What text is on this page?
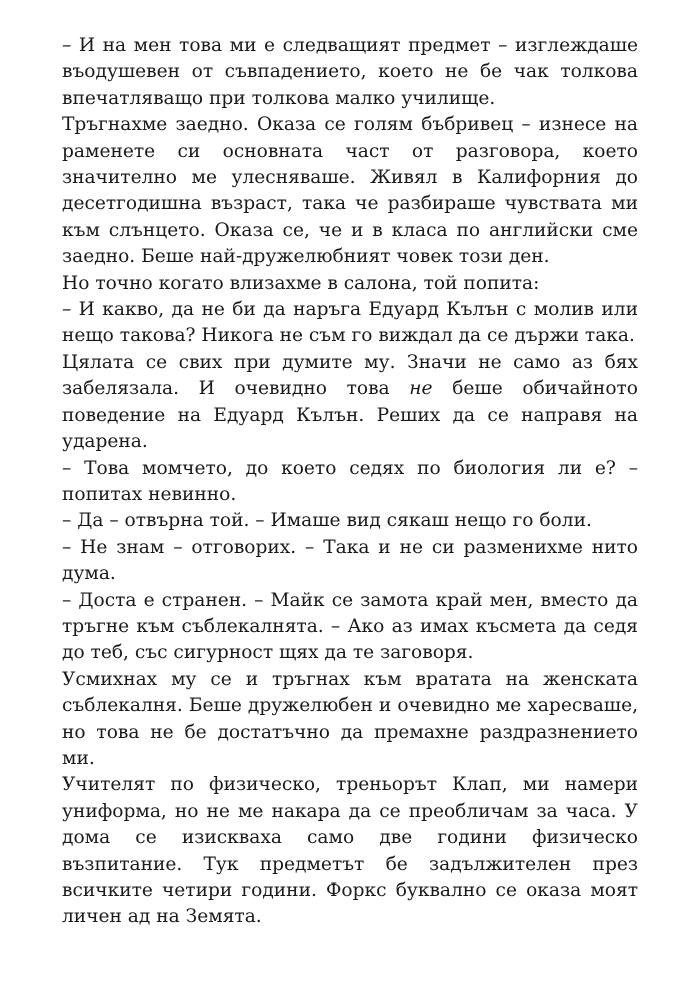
– И на мен това ми е следващият предмет – изглеждаше въодушевен от съвпадението, което не бе чак толкова впечатляващо при толкова малко училище.

Тръгнахме заедно. Оказа се голям бъбривец – изнесе на раменете си основната част от разговора, което значително ме улесняваше. Живял в Калифорния до десетгодишна възраст, така че разбираше чувствата ми към слънцето. Оказа се, че и в класа по английски сме заедно. Беше най-дружелюбният човек този ден.

Но точно когато влизахме в салона, той попита:

– И какво, да не би да наръга Едуард Кълън с молив или нещо такова? Никога не съм го виждал да се държи така.

Цялата се свих при думите му. Значи не само аз бях забелязала. И очевидно това не беше обичайното поведение на Едуард Кълън. Реших да се направя на ударена.

– Това момчето, до което седях по биология ли е? – попитах невинно.

– Да – отвърна той. – Имаше вид сякаш нещо го боли.

– Не знам – отговорих. – Така и не си разменихме нито дума.

– Доста е странен. – Майк се замота край мен, вместо да тръгне към съблекалнята. – Ако аз имах късмета да седя до теб, със сигурност щях да те заговоря.

Усмихнах му се и тръгнах към вратата на женската съблекалня. Беше дружелюбен и очевидно ме харесваше, но това не бе достатъчно да премахне раздразнението ми.

Учителят по физическо, треньорът Клап, ми намери униформа, но не ме накара да се преобличам за часа. У дома се изискваха само две години физическо възпитание. Тук предметът бе задължителен през всичките четири години. Форкс буквално се оказа моят личен ад на Земята.
